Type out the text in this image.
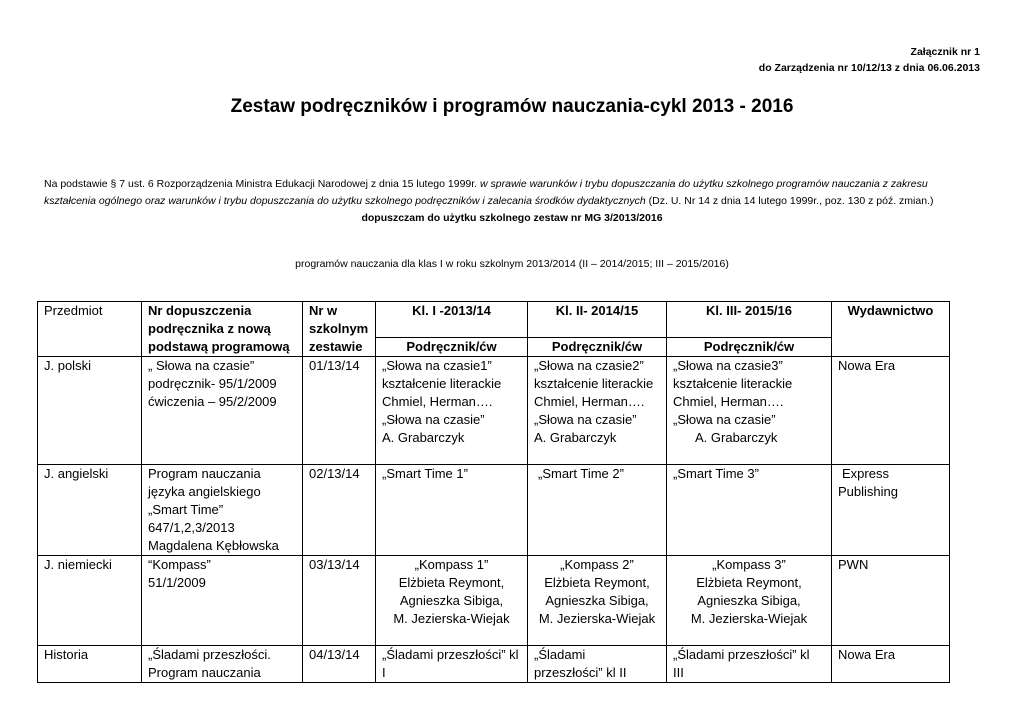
Załącznik nr 1
do Zarządzenia nr 10/12/13 z dnia 06.06.2013
Zestaw podręczników i programów nauczania-cykl 2013 - 2016
Na podstawie § 7 ust. 6 Rozporządzenia Ministra Edukacji Narodowej z dnia 15 lutego 1999r. w sprawie warunków i trybu dopuszczania do użytku szkolnego programów nauczania z zakresu kształcenia ogólnego oraz warunków i trybu dopuszczania do użytku szkolnego podręczników i zalecania środków dydaktycznych (Dz. U. Nr 14 z dnia 14 lutego 1999r., poz. 130 z póź. zmian.)
dopuszczam do użytku szkolnego zestaw nr MG 3/2013/2016
programów nauczania dla klas I w roku szkolnym 2013/2014 (II – 2014/2015; III – 2015/2016)
Przedmiot	Nr dopuszczenia
podręcznika z nową
podstawą programową	Nr w
szkolnym
zestawie	Kl. I -2013/14	Kl. II- 2014/15	Kl. III- 2015/16	Wydawnictwo
			Podręcznik/ćw	Podręcznik/ćw	Podręcznik/ćw	
J. polski	„ Słowa na czasie”
podręcznik- 95/1/2009
ćwiczenia – 95/2/2009	01/13/14	„Słowa na czasie1”
kształcenie literackie
Chmiel, Herman….
„Słowa na czasie”
A. Grabarczyk	„Słowa na czasie2”
kształcenie literackie
Chmiel, Herman….
„Słowa na czasie”
A. Grabarczyk	„Słowa na czasie3”
kształcenie literackie
Chmiel, Herman….
„Słowa na czasie”
A. Grabarczyk	Nowa Era

J. angielski	Program nauczania
języka angielskiego
„Smart Time”
647/1,2,3/2013
Magdalena Kębłowska	02/13/14	„Smart Time 1”	„Smart Time 2”	„Smart Time 3”	Express
Publishing

J. niemiecki	“Kompass”
51/1/2009	03/13/14	„Kompass 1”
Elżbieta Reymont,
Agnieszka Sibiga,
M. Jezierska-Wiejak	„Kompass 2”
Elżbieta Reymont,
Agnieszka Sibiga,
M. Jezierska-Wiejak	„Kompass 3”
Elżbieta Reymont,
Agnieszka Sibiga,
M. Jezierska-Wiejak	PWN

Historia	„Śladami przeszłości.
Program nauczania	04/13/14	„Śladami przeszłości” kl
I	„Śladami
przeszłości” kl II	„Śladami przeszłości” kl
III	Nowa Era
